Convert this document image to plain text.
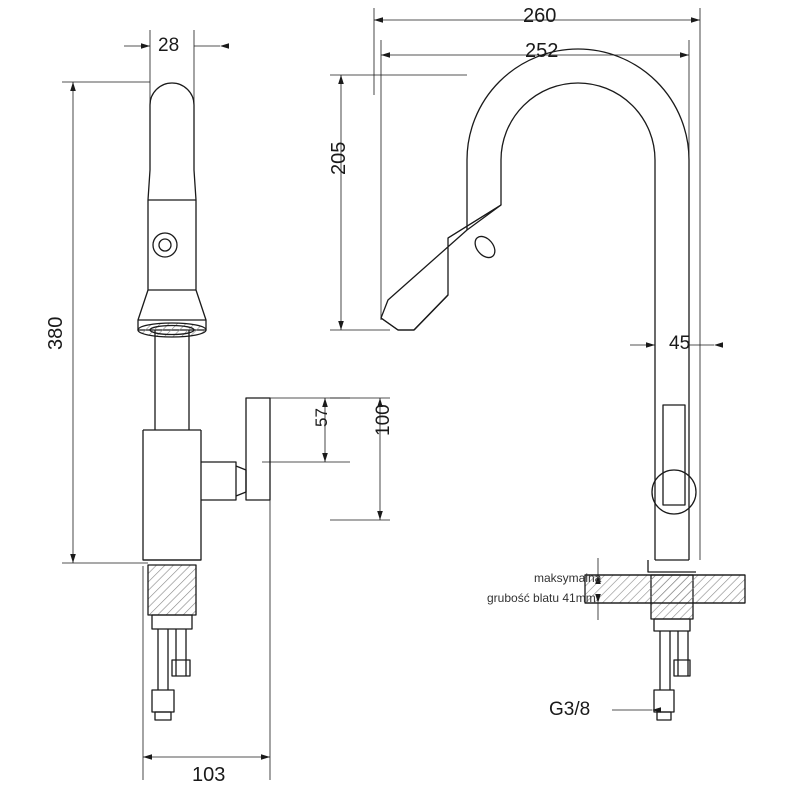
260
252
28
205
380	45
57 100
103
G3/8
maksymalna
grubość blatu 41mm
